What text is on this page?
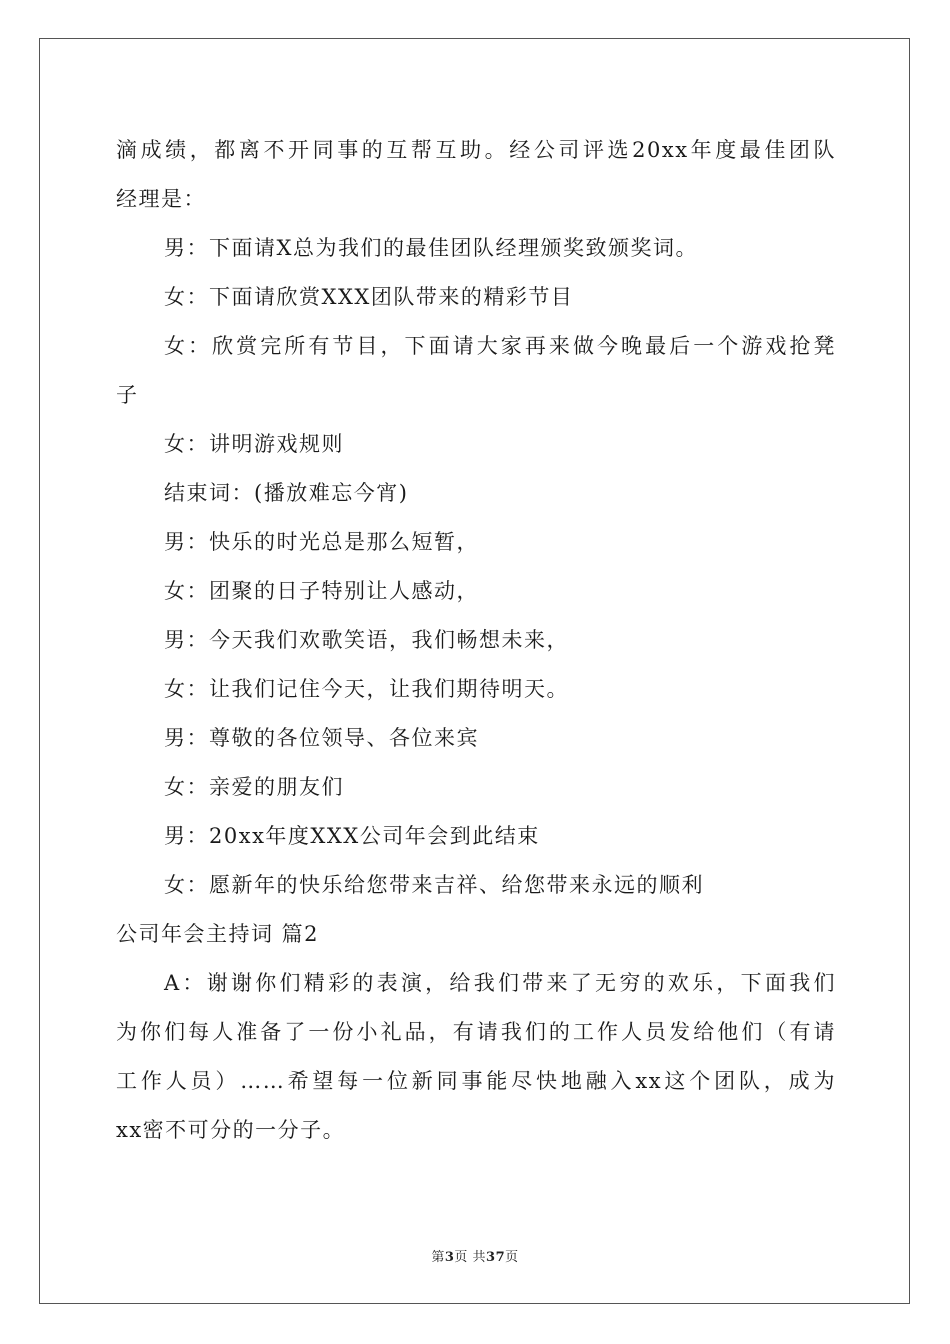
滴成绩，都离不开同事的互帮互助。经公司评选20xx年度最佳团队
经理是：
男：下面请X总为我们的最佳团队经理颁奖致颁奖词。
女：下面请欣赏XXX团队带来的精彩节目
女：欣赏完所有节目，下面请大家再来做今晚最后一个游戏抢凳
子
女：讲明游戏规则
结束词：(播放难忘今宵)
男：快乐的时光总是那么短暂，
女：团聚的日子特别让人感动，
男：今天我们欢歌笑语，我们畅想未来，
女：让我们记住今天，让我们期待明天。
男：尊敬的各位领导、各位来宾
女：亲爱的朋友们
男：20xx年度XXX公司年会到此结束
女：愿新年的快乐给您带来吉祥、给您带来永远的顺利
公司年会主持词 篇2
A：谢谢你们精彩的表演，给我们带来了无穷的欢乐，下面我们
为你们每人准备了一份小礼品，有请我们的工作人员发给他们（有请
工作人员）……希望每一位新同事能尽快地融入xx这个团队，成为
xx密不可分的一分子。
第3页 共37页
